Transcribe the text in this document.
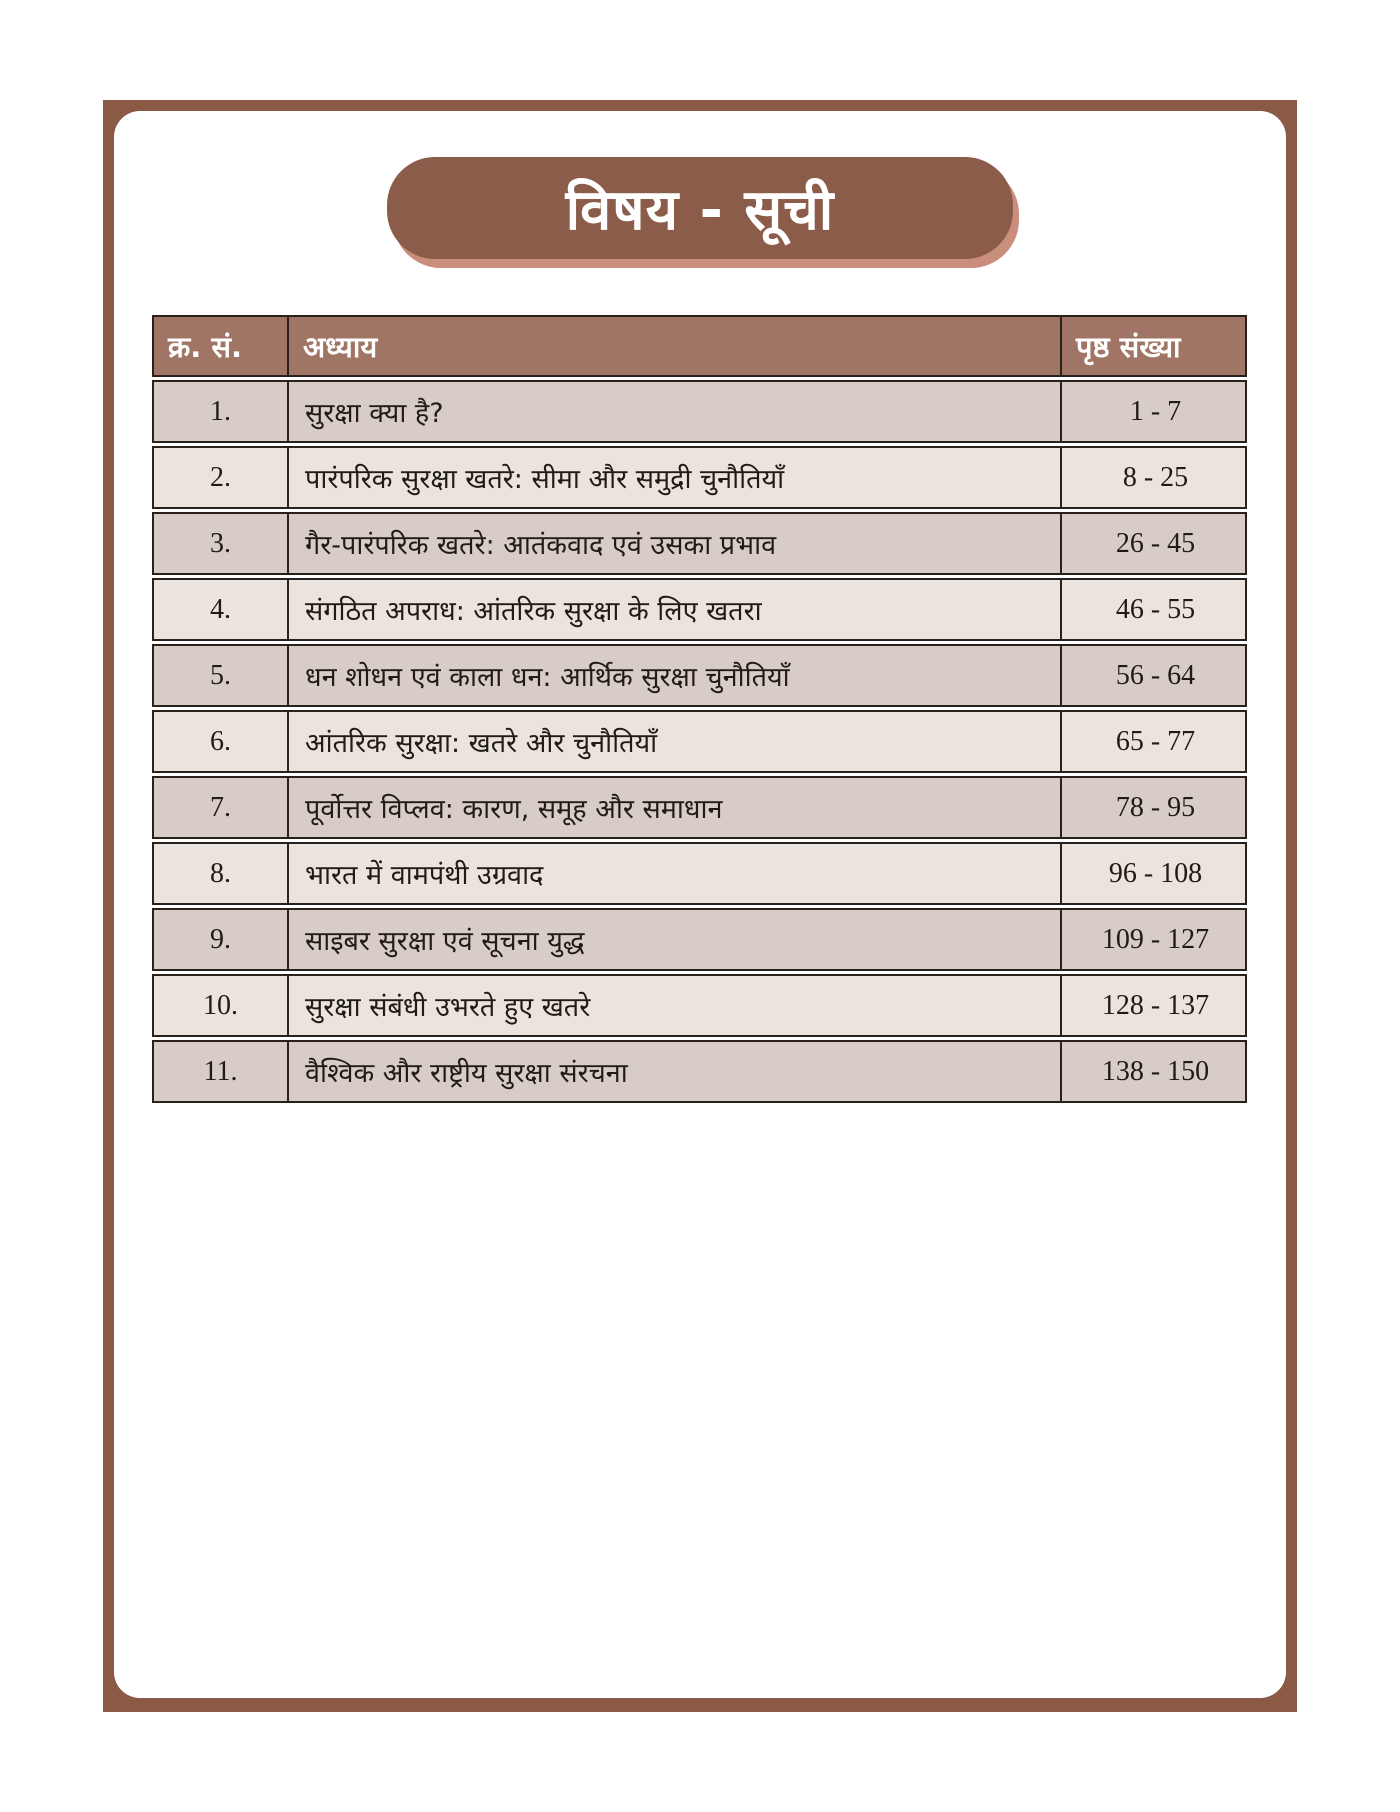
विषय - सूची
क्र. सं.	अध्याय	पृष्ठ संख्या
1.	सुरक्षा क्या है?	1 - 7
2.	पारंपरिक सुरक्षा खतरे: सीमा और समुद्री चुनौतियाँ	8 - 25
3.	गैर-पारंपरिक खतरे: आतंकवाद एवं उसका प्रभाव	26 - 45
4.	संगठित अपराध: आंतरिक सुरक्षा के लिए खतरा	46 - 55
5.	धन शोधन एवं काला धन: आर्थिक सुरक्षा चुनौतियाँ	56 - 64
6.	आंतरिक सुरक्षा: खतरे और चुनौतियाँ	65 - 77
7.	पूर्वोत्तर विप्लव: कारण, समूह और समाधान	78 - 95
8.	भारत में वामपंथी उग्रवाद	96 - 108
9.	साइबर सुरक्षा एवं सूचना युद्ध	109 - 127
10.	सुरक्षा संबंधी उभरते हुए खतरे	128 - 137
11.	वैश्विक और राष्ट्रीय सुरक्षा संरचना	138 - 150
